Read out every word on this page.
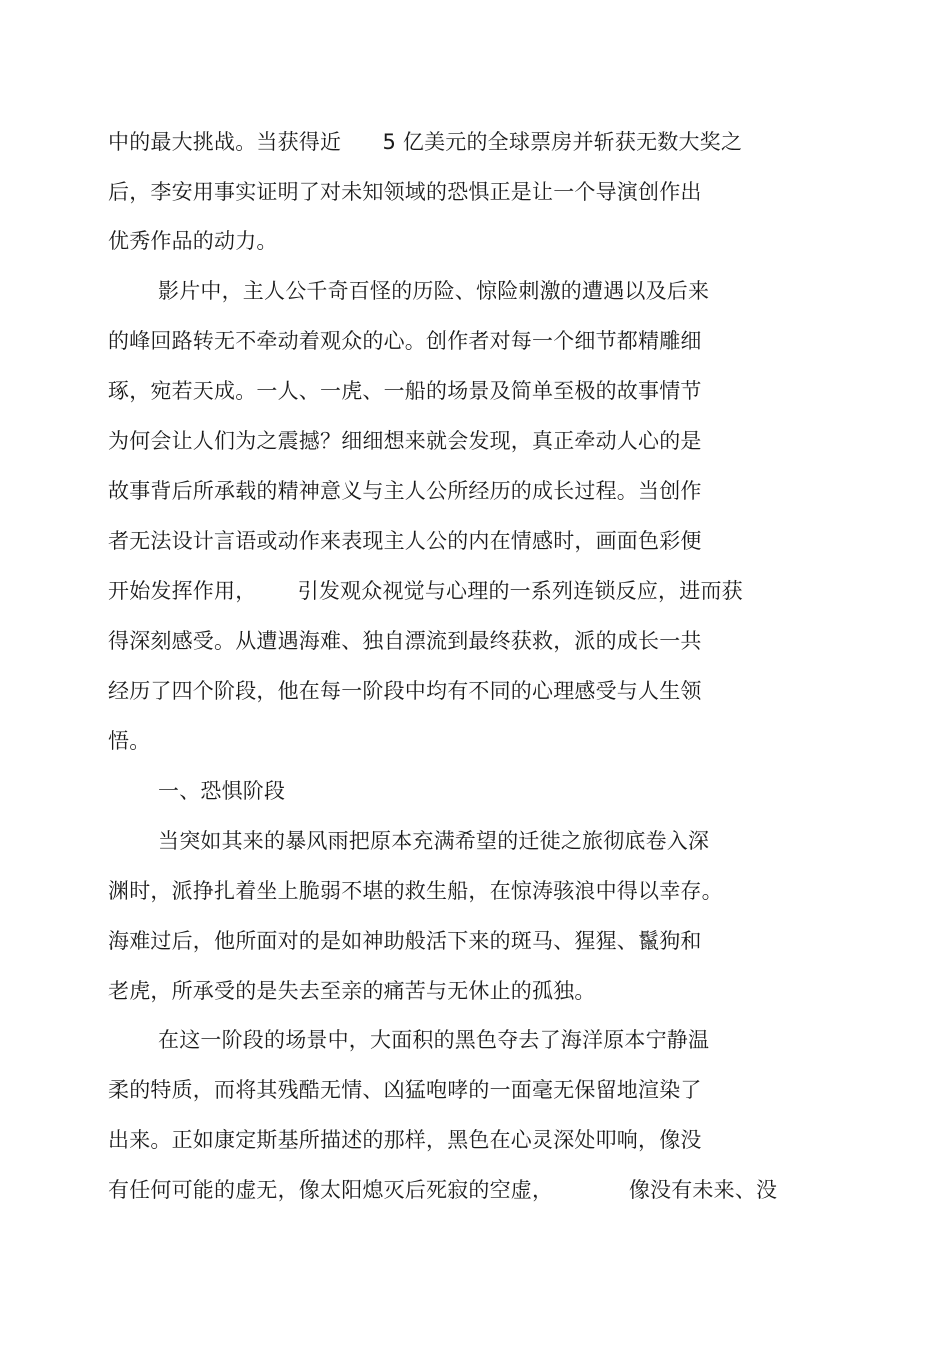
中的最大挑战。当获得近      5 亿美元的全球票房并斩获无数大奖之
后，李安用事实证明了对未知领域的恐惧正是让一个导演创作出
优秀作品的动力。
影片中，主人公千奇百怪的历险、惊险刺激的遭遇以及后来
的峰回路转无不牵动着观众的心。创作者对每一个细节都精雕细
琢，宛若天成。一人、一虎、一船的场景及简单至极的故事情节
为何会让人们为之震撼？细细想来就会发现，真正牵动人心的是
故事背后所承载的精神意义与主人公所经历的成长过程。当创作
者无法设计言语或动作来表现主人公的内在情感时，画面色彩便
开始发挥作用，      引发观众视觉与心理的一系列连锁反应，进而获
得深刻感受。从遭遇海难、独自漂流到最终获救，派的成长一共
经历了四个阶段，他在每一阶段中均有不同的心理感受与人生领
悟。
一、恐惧阶段
当突如其来的暴风雨把原本充满希望的迁徙之旅彻底卷入深
渊时，派挣扎着坐上脆弱不堪的救生船，在惊涛骇浪中得以幸存。
海难过后，他所面对的是如神助般活下来的斑马、猩猩、鬣狗和
老虎，所承受的是失去至亲的痛苦与无休止的孤独。
在这一阶段的场景中，大面积的黑色夺去了海洋原本宁静温
柔的特质，而将其残酷无情、凶猛咆哮的一面毫无保留地渲染了
出来。正如康定斯基所描述的那样，黑色在心灵深处叩响，像没
有任何可能的虚无，像太阳熄灭后死寂的空虚，           像没有未来、没
